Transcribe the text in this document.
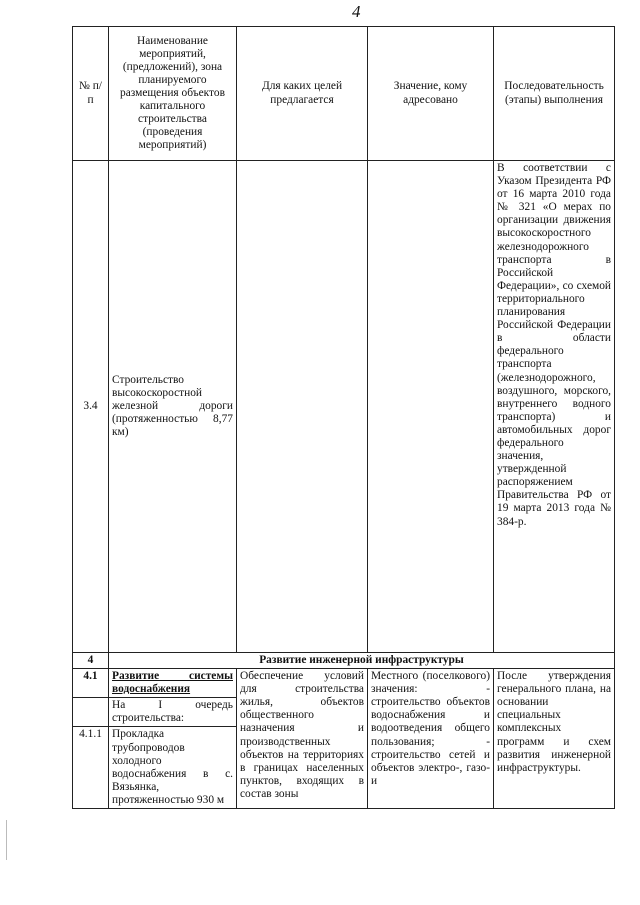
4
№ п/п	Наименование мероприятий, (предложений), зона планируемого размещения объектов капитального строительства (проведения мероприятий)	Для каких целей предлагается	Значение, кому адресовано	Последовательность (этапы) выполнения
3.4	Строительство высокоскоростной железной дороги (протяженностью 8,77 км)			В соответствии с Указом Президента РФ от 16 марта 2010 года № 321 «О мерах по организации движения высокоскоростного железнодорожного транспорта в Российской Федерации», со схемой территориального планирования Российской Федерации в области федерального транспорта (железнодорожного, воздушного, морского, внутреннего водного транспорта) и автомобильных дорог федерального значения, утвержденной распоряжением Правительства РФ от 19 марта 2013 года № 384-р.
4	Развитие инженерной инфраструктуры			
4.1	Развитие системы водоснабжения	Обеспечение условий для строительства жилья, объектов общественного назначения и производственных объектов на территориях в границах населенных пунктов, входящих в состав зоны	Местного (поселкового) значения: - строительство объектов водоснабжения и водоотведения общего пользования; - строительство сетей и объектов электро-, газо- и	После утверждения генерального плана, на основании специальных комплексных программ и схем развития инженерной инфраструктуры.
	На I очередь строительства:			
4.1.1	Прокладка трубопроводов холодного водоснабжения в с. Вязьянка, протяженностью 930 м			
